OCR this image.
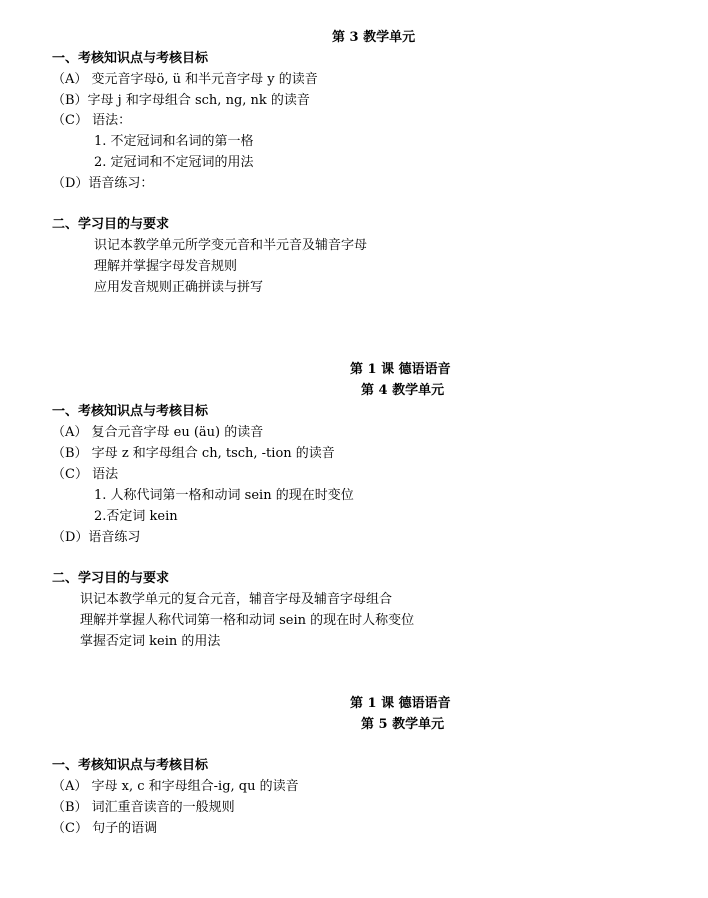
第 3 教学单元
一、考核知识点与考核目标
（A） 变元音字母ö, ü 和半元音字母 y 的读音
（B）字母 j 和字母组合 sch, ng, nk 的读音
（C） 语法：
1. 不定冠词和名词的第一格
2. 定冠词和不定冠词的用法
（D）语音练习：
二、学习目的与要求
识记本教学单元所学变元音和半元音及辅音字母
理解并掌握字母发音规则
应用发音规则正确拼读与拼写
第 1 课 德语语音
第 4 教学单元
一、考核知识点与考核目标
（A） 复合元音字母 eu (äu) 的读音
（B） 字母 z 和字母组合 ch, tsch, -tion 的读音
（C） 语法
1. 人称代词第一格和动词 sein 的现在时变位
2.否定词 kein
（D）语音练习
二、学习目的与要求
识记本教学单元的复合元音，辅音字母及辅音字母组合
理解并掌握人称代词第一格和动词 sein 的现在时人称变位
掌握否定词 kein 的用法
第 1 课 德语语音
第 5 教学单元
一、考核知识点与考核目标
（A） 字母 x, c 和字母组合-ig, qu 的读音
（B） 词汇重音读音的一般规则
（C） 句子的语调
